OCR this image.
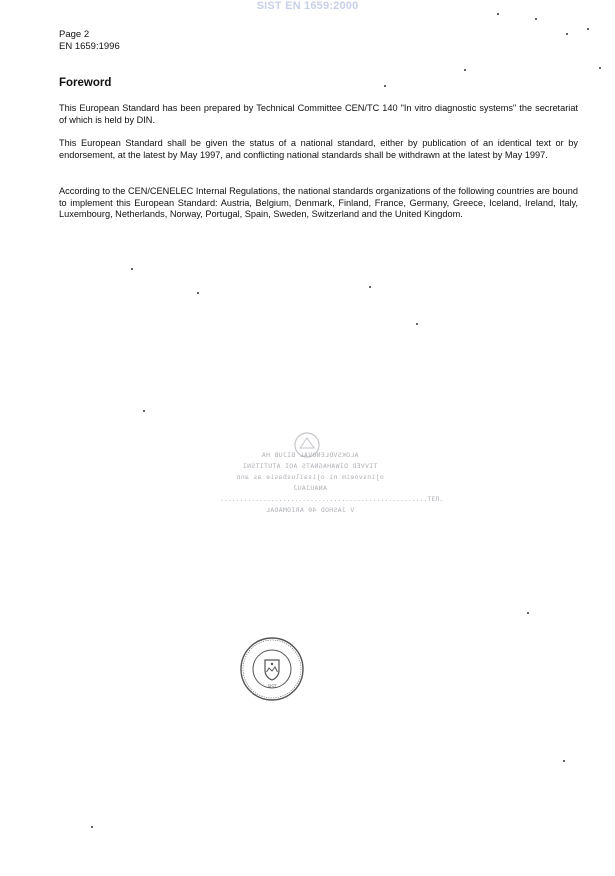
SIST EN 1659:2000
Page 2
EN 1659:1996
Foreword

This European Standard has been prepared by Technical Committee CEN/TC 140 "In vitro diagnostic systems" the secretariat of which is held by DIN.

This European Standard shall be given the status of a national standard, either by publication of an identical text or by endorsement, at the latest by May 1997, and conflicting national standards shall be withdrawn at the latest by May 1997.

According to the CEN/CENELEC Internal Regulations, the national standards organizations of the following countries are bound to implement this European Standard: Austria, Belgium, Denmark, Finland, France, Germany, Greece, Iceland, Ireland, Italy, Luxembourg, Netherlands, Norway, Portugal, Spain, Sweden, Switzerland and the United Kingdom.

ALOKSVDLENOVAL BIJUB HA
TIVVED DIWAHAGNATS AOI ATUTITSNI
ojinsvoeim ni ojisailusbasie as ann
ANAUJAUJ
.....................................................ТЕЛ.
V JASHOD 40 ARIOMAOAL
SIST
